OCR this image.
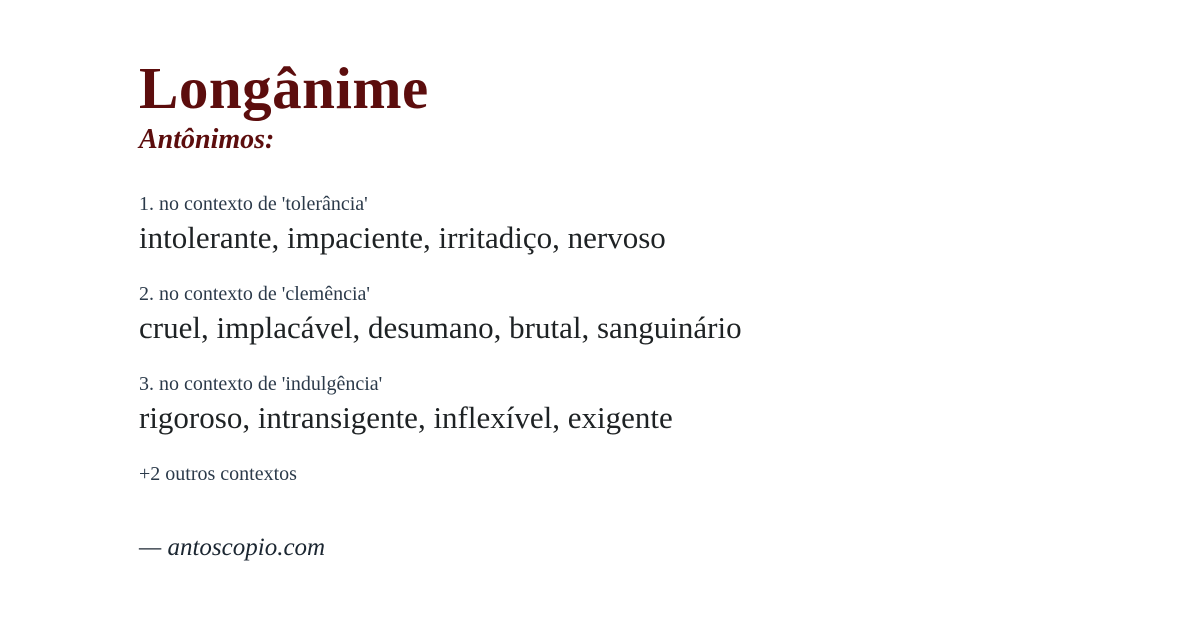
Longânime
Antônimos:
1. no contexto de 'tolerância'
intolerante, impaciente, irritadiço, nervoso
2. no contexto de 'clemência'
cruel, implacável, desumano, brutal, sanguinário
3. no contexto de 'indulgência'
rigoroso, intransigente, inflexível, exigente
+2 outros contextos
— antoscopio.com
